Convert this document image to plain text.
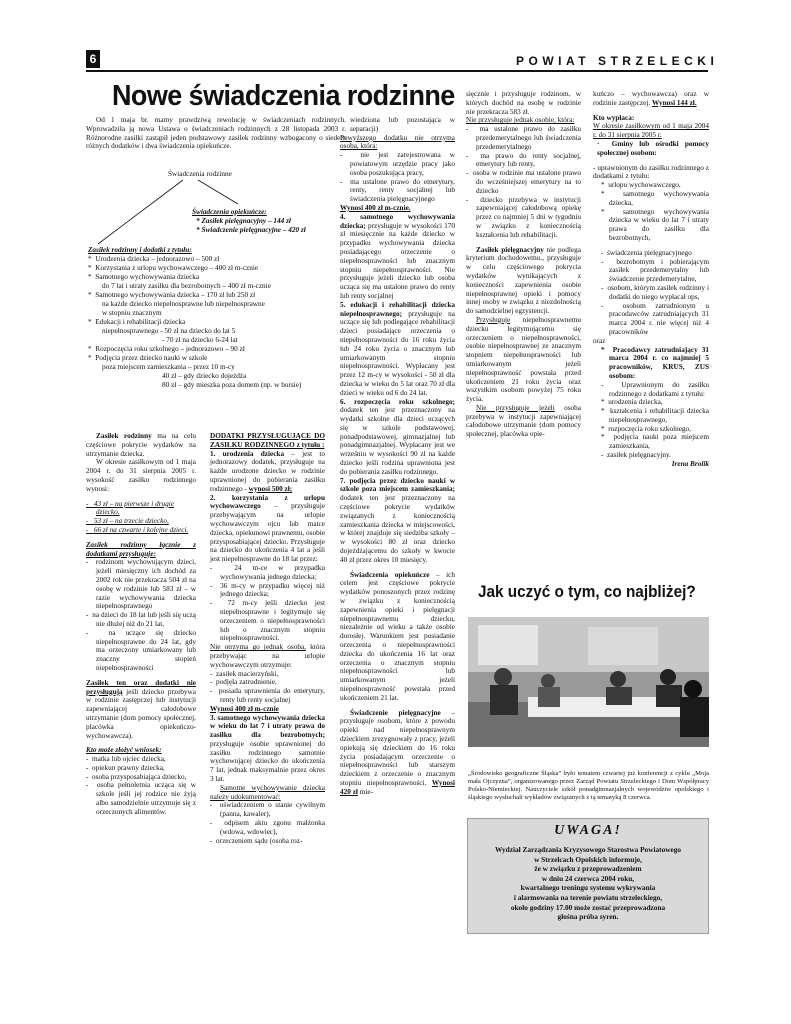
6	POWIAT STRZELECKI
Nowe świadczenia rodzinne
Od 1 maja br. mamy prawdziwą rewolucję w świadczeniach rodzinnych. Wprowadziła ją nowa Ustawa o świadczeniach rodzinnych z 28 listopada 2003 r. Różnorodne zasiłki zastąpił jeden podstawowy zasiłek rodzinny wzbogacony o siedem różnych dodatków i dwa świadczenia opiekuńcze.
Świadczenia rodzinne
Świadczenia opiekuńcze:
* Zasiłek pielęgnacyjny – 144 zł
* Świadczenie pielęgnacyjne – 420 zł
Zasiłek rodzinny i dodatki z tytułu:
*  Urodzenia dziecka – jednorazowo – 500 zł
*  Korzystania z urlopu wychowawczego – 400 zł m-cznie
*  Samotnego wychowywania dziecka
do 7 lat i utraty zasiłku dla bezrobotnych – 400 zł m-cznie
*  Samotnego wychowywania dziecka – 170 zł lub 250 zł
na każde dziecko niepełnosprawne lub niepełnosprawne
w stopniu znacznym
*  Edukacji i rehabilitacji dziecka
niepełnosprawnego - 50 zł na dziecko do lat 5
- 70 zł na dziecko 6-24 lat
*  Rozpoczęcia roku szkolnego – jednorazowo – 90 zł
*  Podjęcia przez dziecko nauki w szkole
poza miejscem zamieszkania – przez 10 m-cy
40 zł – gdy dziecko dojeżdża
80 zł – gdy mieszka poza domem (np. w bursie)

Zasiłek rodzinny ma na celu częściowe pokrycie wydatków na utrzymanie dziecka.

W okresie zasiłkowym od 1 maja 2004 r. do 31 sierpnia 2005 r. wysokość zasiłku rodzinnego wynosi:

-   43 zł – na pierwsze i drugie dziecko,

-   53 zł – na trzecie dziecko,

-   66 zł na czwarte i kolejne dzieci.

Zasiłek rodzinny łącznie z dodatkami przysługuje:

-  rodzinom wychowującym dzieci, jeżeli miesięczny ich dochód za 2002 rok nie przekracza 504 zł na osobę w rodzinie lub 583 zł – w razie wychowywania dziecka niepełnosprawnego

-  na dzieci do 18 lat lub jeśli się uczą nie dłużej niż do 21 lat,

-  na uczące się dziecko niepełnosprawne do 24 lat, gdy ma orzeczony umiarkowany lub znaczny stopień niepełnosprawności

Zasiłek ten oraz dodatki nie przysługują jeśli dziecko przebywa w rodzinie zastępczej lub instytucji zapewniającej całodobowe utrzymanie (dom pomocy społecznej, placówka opiekuńczo-wychowawcza).

Kto może złożyć wniosek:

-  matka lub ojciec dziecka,

-  opiekun prawny dziecka,

-  osoba przysposabiająca dziecko,

-  osoba pełnoletnia ucząca się w szkole jeśli jej rodzice nie żyją albo samodzielnie utrzymuje się z orzeczonych alimentów.

DODATKI PRZYSŁUGUJĄCE DO ZASIŁKU RODZINNEGO z tytułu :

1. urodzenia dziecka – jest to jednorazowy dodatek, przysługuje na każde urodzone dziecko w rodzinie uprawnionej do pobierania zasiłku rodzinnego - wynosi 500 zł;

2. korzystania z urlopu wychowawczego – przysługuje przebywającym na urlopie wychowawczym ojcu lub matce dziecka, opiekunowi prawnemu, osobie przysposabiającej dziecko. Przysługuje na dziecko do ukończenia 4 lat a jeśli jest niepełnosprawne do 18 lat przez:

-  24 m-ce w przypadku wychowywania jednego dziecka;

-  36 m-cy w przypadku więcej niż jednego dziecka;

-  72 m-cy jeśli dziecko jest niepełnosprawne i legitymuje się orzeczeniem o niepełnosprawności lub o znacznym stopniu niepełnosprawności.

Nie otrzyma go jednak osoba, która przebywając na urlopie wychowawczym otrzymuje:

-  zasiłek macierzyński,

-  podjęła zatrudnienie,

-  posiada uprawnienia do emerytury, renty lub renty socjalnej

Wynosi 400 zł m-cznie

3. samotnego wychowywania dziecka w wieku do lat 7 i utraty prawa do zasiłku dla bezrobotnych; przysługuje osobie uprawnionej do zasiłku rodzinnego samotnie wychowującej dziecko do ukończenia 7 lat, jednak maksymalnie przez okres 3 lat.

Samotne wychowywanie dziecka należy udokumentować:

-  oświadczeniem o stanie cywilnym (panna, kawaler),

-  odpisem aktu zgonu małżonka (wdowa, wdowiec),

-  orzeczeniem sądu (osoba roz-

wiedziona lub pozostająca w separacji)

Powyższego dodatku nie otrzyma osoba, która:

-  nie jest zarejestrowana w powiatowym urzędzie pracy jako osoba poszukująca pracy,

-  ma ustalone prawo do emerytury, renty, renty socjalnej lub świadczenia pielęgnacyjnego

Wynosi 400 zł m-cznie.

4. samotnego wychowywania dziecka; przysługuje w wysokości 170 zł miesięcznie na każde dziecko w przypadku wychowywania dziecka posiadającego orzeczenie o niepełnosprawności lub znacznym stopniu niepełnosprawności. Nie przysługuje jeżeli dziecko lub osoba ucząca się ma ustalone prawo do renty lub renty socjalnej

5. edukacji i rehabilitacji dziecka niepełnosprawnego; przysługuje na uczące się lub podlegające rehabilitacji dzieci posiadające orzeczenia o niepełnosprawności do 16 roku życia lub 24 roku życia o znacznym lub umiarkowanym stopniu niepełnosprawności. Wypłacany jest przez 12 m-cy w wysokości - 50 zł dla dziecka w wieku do 5 lat oraz 70 zł dla dzieci w wieku od 6 do 24 lat.

6. rozpoczęcia roku szkolnego; dodatek ten jest przeznaczony na wydatki szkolne dla dzieci uczących się w szkole podstawowej, ponadpodstawowej, gimnazjalnej lub ponadgimnazjalnej. Wypłacany jest we wrześniu w wysokości 90 zł na każde dziecko jeśli rodzina uprawniona jest do pobierania zasiłku rodzinnego.

7. podjęcia przez dziecko nauki w szkole poza miejscem zamieszkania; dodatek ten jest przeznaczony na częściowe pokrycie wydatków związanych z koniecznością zamieszkania dziecka w miejscowości, w której znajduje się siedziba szkoły – w wysokości 80 zł oraz dziecko dojeżdżającemu do szkoły w kwocie 40 zł przez okres 10 miesięcy.

Świadczenia opiekuńcze – ich celem jest częściowe pokrycie wydatków ponoszonych przez rodzinę w związku z koniecznością zapewnienia opieki i pielęgnacji niepełnosprawnemu dziecku, niezależnie od wieku a także osobie dorosłej. Warunkiem jest posiadanie orzeczenia o niepełnosprawności dziecka do ukończenia 16 lat oraz orzeczenia o znacznym stopniu niepełnosprawności lub umiarkowanym jeżeli niepełnosprawność powstała przed ukończeniem 21 lat.

Świadczenie pielęgnacyjne – przysługuje osobom, które z powodu opieki nad niepełnosprawnym dzieckiem zrezygnowały z pracy, jeżeli opiekują się dzieckiem do 16 roku życia posiadającym orzeczenie o niepełnosprawności lub starszym dzieckiem z orzeczenie o znacznym stopniu niepełnosprawności. Wynosi 420 zł mie-

sięcznie i przysługuje rodzinom, w których dochód na osobę w rodzinie nie przekracza 583 zł.

Nie przysługuje jednak osobie, która:

-  ma ustalone prawo do zasiłku przedemerytalnego lub świadczenia przedemerytalnego

-  ma prawo do renty socjalnej, emerytury lub renty,

-  osoba w rodzinie ma ustalone prawo do wcześniejszej emerytury na to dziecko

-  dziecko przebywa w instytucji zapewniającej całodobową opiekę przez co najmniej 5 dni w tygodniu w związku z koniecznością kształcenia lub rehabilitacji.

Zasiłek pielęgnacyjny nie podlega kryterium dochodowemu., przysługuje w celu częściowego pokrycia wydatków wynikających z konieczności zapewnienia osobie niepełnosprawnej opieki i pomocy innej osoby w związku z niezdolnością do samodzielnej egzystencji.

Przysługuje niepełnosprawnemu dziecku legitymującemu się orzeczeniem o niepełnosprawności, osobie niepełnosprawnej ze znacznym stopniem niepełnosprawności lub umiarkowanym jeżeli niepełnosprawność powstała przed ukończeniem 21 roku życia oraz wszystkim osobom powyżej 75 roku życia.

Nie przysługuje jeżeli osoba przebywa w instytucji zapewniającej całodobowe utrzymanie (dom pomocy społecznej, placówka opie-

kuńczo – wychowawcza) oraz w rodzinie zastępczej. Wynosi 144 zł.

Kto wypłaca:

W okresie zasiłkowym od 1 maja 2004 r. do 31 sierpnia 2005 r.

·  Gminy lub ośrodki pomocy społecznej osobom:

- uprawnionym do zasiłku rodzinnego z dodatkami z tytułu:

*  urlopu wychowawczego,

*  samotnego wychowywania dziecka,

*  samotnego wychowywania dziecka w wieku do lat 7 i utraty prawa do zasiłku dla bezrobotnych,

-  świadczenia pielęgnacyjnego

-  bezrobotnym i pobierającym zasiłek przedemerytalny lub świadczenie przedemerytalne,

-  osobom, którym zasiłek rodzinny i dodatki do niego wypłacał ops,

-  osobom zatrudnionym u pracodawców zatrudniających 31 marca 2004 r. nie więcej niż 4 pracowników

oraz

*  Pracodawcy zatrudniający 31 marca 2004 r. co najmniej 5 pracowników, KRUS, ZUS osobom:

-  Uprawnionym do zasiłku rodzinnego z dodatkami z tytułu:

*  urodzenia dziecka,

*  kształcenia i rehabilitacji dziecka niepełnosprawnego,

*  rozpoczęcia roku szkolnego,

*  podjęcia nauki poza miejscem zamieszkania,

-  zasiłek pielęgnacyjny.

Irena Brolik

Jak uczyć o tym, co najbliżej?
„Środowisko geograficzne Śląska” było tematem czwartej już konferencji z cyklu „Moja mała Ojczyzna”, organizowanego przez Zarząd Powiatu Strzeleckiego i Dom Współpracy Polsko-Niemieckiej. Nauczyciele szkół ponadgimnazjalnych województw opolskiego i śląskiego wysłuchali wykładów związanych z tą tematyką 8 czerwca.
UWAGA!
Wydział Zarządzania Kryzysowego Starostwa Powiatowego
w Strzelcach Opolskich informuje,
że w związku z przeprowadzeniem
w dniu 24 czerwca 2004 roku,
kwartalnego treningu systemu wykrywania
i alarmowania na terenie powiatu strzeleckiego,
około godziny 17.00 może zostać przeprowadzona
głośna próba syren.
